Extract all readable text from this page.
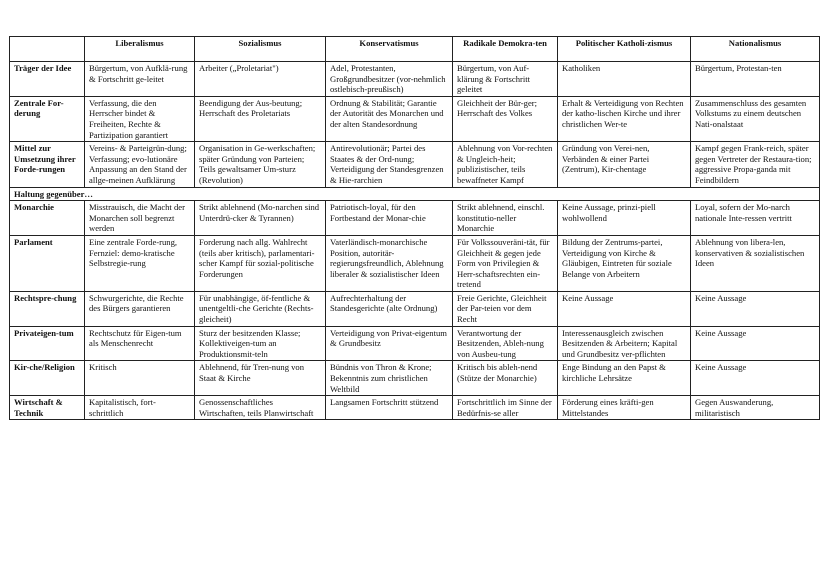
	Liberalismus	Sozialismus	Konservatismus	Radikale Demokra-ten	Politischer Katholi-zismus	Nationalismus
Träger der Idee	Bürgertum, von Aufklä-rung & Fortschritt ge-leitet	Arbeiter („Proletariat")	Adel, Protestanten, Großgrundbesitzer (vor-nehmlich ostlebisch-preußisch)	Bürgertum, von Auf-klärung & Fortschritt geleitet	Katholiken	Bürgertum, Protestan-ten
Zentrale For-derung	Verfassung, die den Herrscher bindet & Freiheiten, Rechte & Partizipation garantiert	Beendigung der Aus-beutung; Herrschaft des Proletariats	Ordnung & Stabilität; Garantie der Autorität des Monarchen und der alten Standesordnung	Gleichheit der Bür-ger; Herrschaft des Volkes	Erhalt & Verteidigung von Rechten der katho-lischen Kirche und ihrer christlichen Wer-te	Zusammenschluss des gesamten Volkstums zu einem deutschen Nati-onalstaat
Mittel zur Umsetzung ihrer Forde-rungen	Vereins- & Parteigrün-dung; Verfassung; evo-lutionäre Anpassung an den Stand der allge-meinen Aufklärung	Organisation in Ge-werkschaften; später Gründung von Parteien; Teils gewaltsamer Um-sturz (Revolution)	Antirevolutionär; Partei des Staates & der Ord-nung; Verteidigung der Standesgrenzen & Hie-rarchien	Ablehnung von Vor-rechten & Ungleich-heit; publizistischer, teils bewaffneter Kampf	Gründung von Verei-nen, Verbänden & einer Partei (Zentrum), Kir-chentage	Kampf gegen Frank-reich, später gegen Vertreter der Restaura-tion; aggressive Propa-ganda mit Feindbildern
Haltung gegenüber…						
Monarchie	Misstrauisch, die Macht der Monarchen soll begrenzt werden	Strikt ablehnend (Mo-narchen sind Unterdrü-cker & Tyrannen)	Patriotisch-loyal, für den Fortbestand der Monar-chie	Strikt ablehnend, einschl. konstitutio-neller Monarchie	Keine Aussage, prinzi-piell wohlwollend	Loyal, sofern der Mo-narch nationale Inte-ressen vertritt
Parlament	Eine zentrale Forde-rung, Fernziel: demo-kratische Selbstregie-rung	Forderung nach allg. Wahlrecht (teils aber kritisch), parlamentari-scher Kampf für sozial-politische Forderungen	Vaterländisch-monarchische Position, autoritär-regierungsfreundlich, Ablehnung liberaler & sozialistischer Ideen	Für Volkssouveräni-tät, für Gleichheit & gegen jede Form von Privilegien & Herr-schaftsrechten ein-tretend	Bildung der Zentrums-partei, Verteidigung von Kirche & Gläubigen, Eintreten für soziale Belange von Arbeitern	Ablehnung von libera-len, konservativen & sozialistischen Ideen
Rechtspre-chung	Schwurgerichte, die Rechte des Bürgers garantieren	Für unabhängige, öf-fentliche & unentgeltli-che Gerichte (Rechts-gleicheit)	Aufrechterhaltung der Standesgerichte (alte Ordnung)	Freie Gerichte, Gleichheit der Par-teien vor dem Recht	Keine Aussage	Keine Aussage
Privateigen-tum	Rechtschutz für Eigen-tum als Menschenrecht	Sturz der besitzenden Klasse; Kollektiveigen-tum an Produktionsmit-teln	Verteidigung von Privat-eigentum & Grundbesitz	Verantwortung der Besitzenden, Ableh-nung von Ausbeu-tung	Interessenausgleich zwischen Besitzenden & Arbeitern; Kapital und Grundbesitz ver-pflichten	Keine Aussage
Kir-che/Religion	Kritisch	Ablehnend, für Tren-nung von Staat & Kirche	Bündnis von Thron & Krone; Bekenntnis zum christlichen Weltbild	Kritisch bis ableh-nend (Stütze der Monarchie)	Enge Bindung an den Papst & kirchliche Lehrsätze	Keine Aussage
Wirtschaft & Technik	Kapitalistisch, fort-schrittlich	Genossenschaftliches Wirtschaften, teils Planwirtschaft	Langsamen Fortschritt stützend	Fortschrittlich im Sinne der Bedürfnis-se aller	Förderung eines kräfti-gen Mittelstandes	Gegen Auswanderung, militaristisch
